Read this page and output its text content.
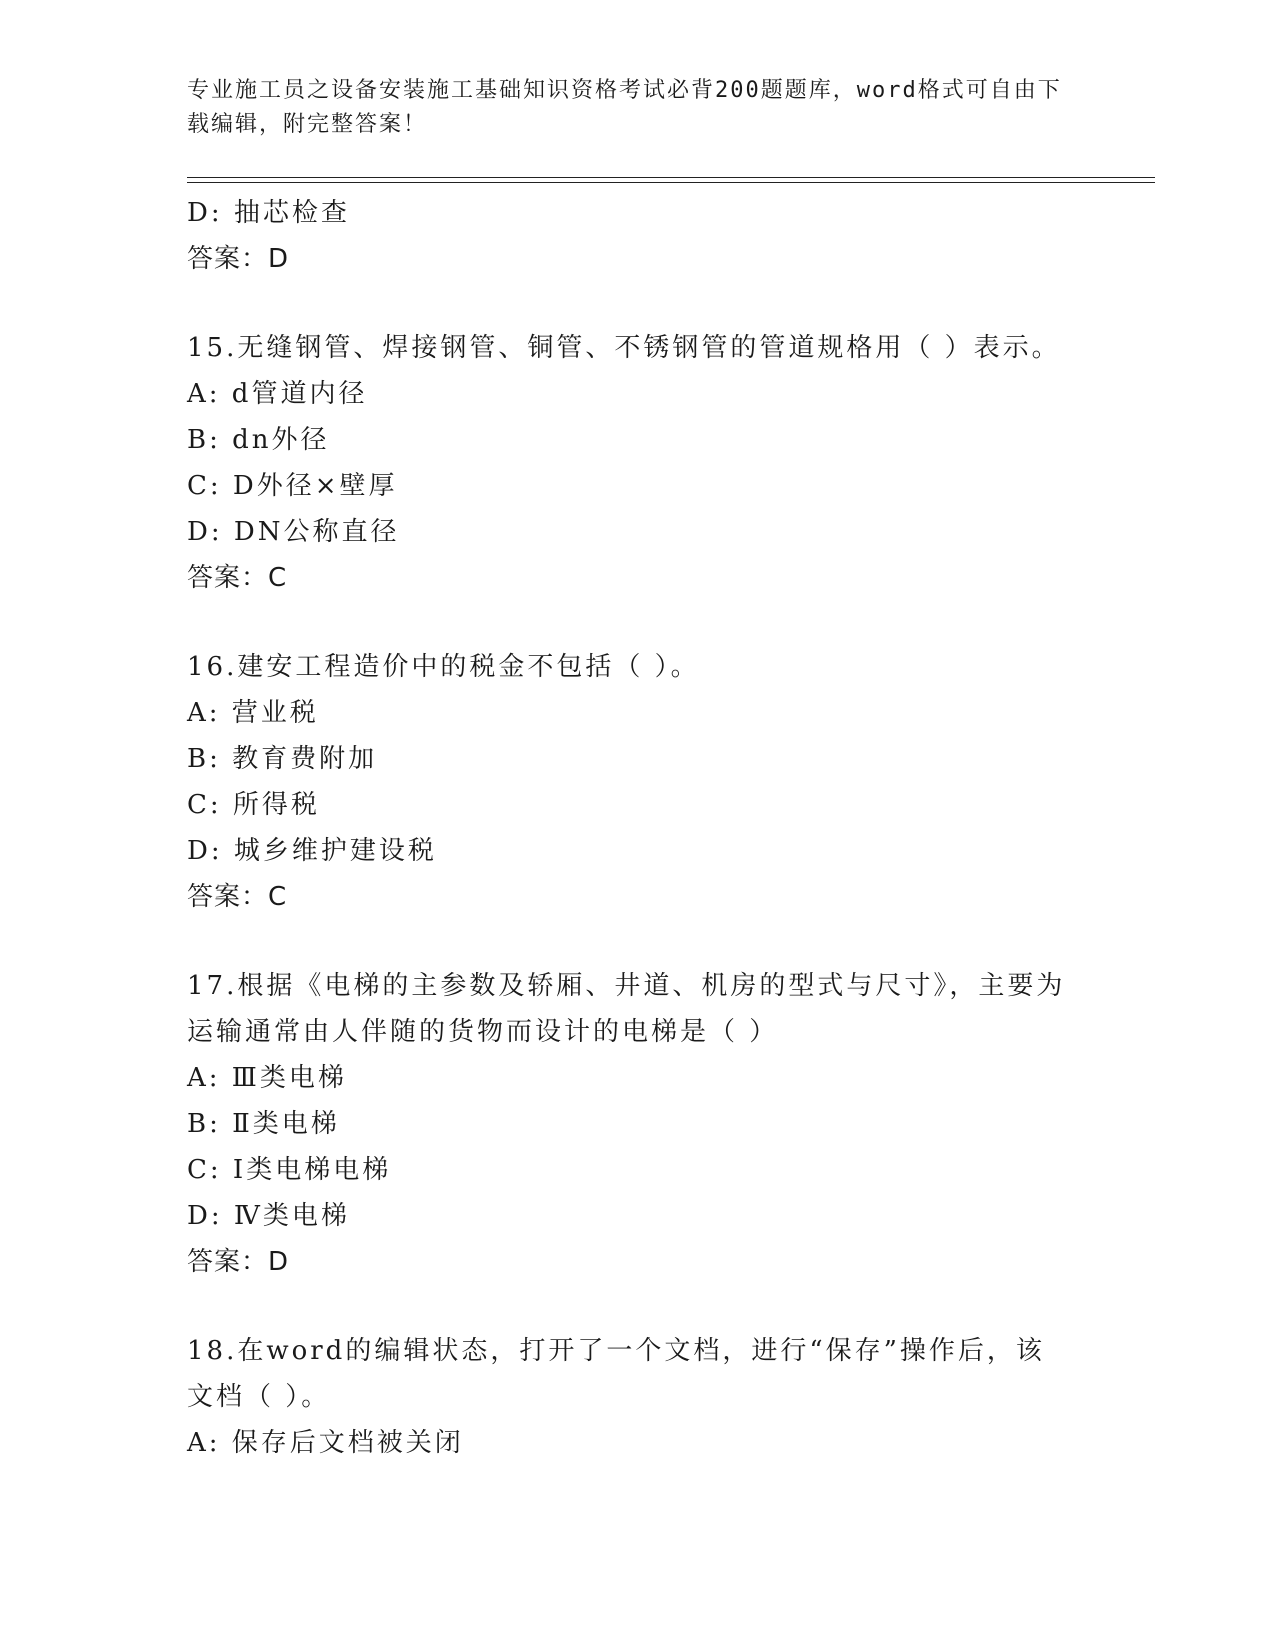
专业施工员之设备安装施工基础知识资格考试必背200题题库，word格式可自由下载编辑，附完整答案！
D: 抽芯检查
答案：D
15.无缝钢管、焊接钢管、铜管、不锈钢管的管道规格用（ ）表示。
A: d管道内径
B: dn外径
C: D外径×壁厚
D: DN公称直径
答案：C
16.建安工程造价中的税金不包括（ ）。
A: 营业税
B: 教育费附加
C: 所得税
D: 城乡维护建设税
答案：C
17.根据《电梯的主参数及轿厢、井道、机房的型式与尺寸》，主要为
运输通常由人伴随的货物而设计的电梯是（ ）
A: Ⅲ类电梯
B: Ⅱ类电梯
C: Ⅰ类电梯电梯
D: Ⅳ类电梯
答案：D
18.在word的编辑状态，打开了一个文档，进行“保存”操作后，该
文档（ ）。
A: 保存后文档被关闭
